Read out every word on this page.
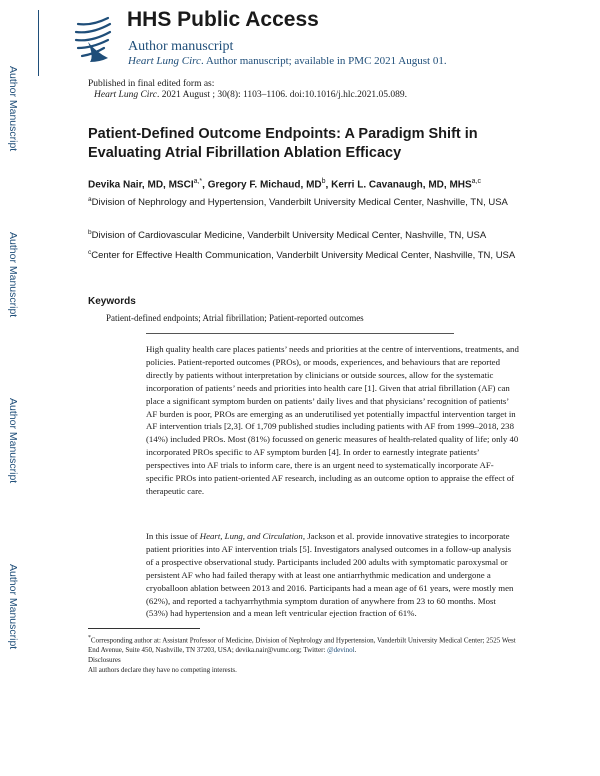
Author Manuscript
Author Manuscript
Author Manuscript
Author Manuscript
HHS Public Access
Author manuscript
Heart Lung Circ. Author manuscript; available in PMC 2021 August 01.
Published in final edited form as:
Heart Lung Circ. 2021 August ; 30(8): 1103–1106. doi:10.1016/j.hlc.2021.05.089.
Patient-Defined Outcome Endpoints: A Paradigm Shift in Evaluating Atrial Fibrillation Ablation Efficacy
Devika Nair, MD, $MSCI^{a,*}$, Gregory F. Michaud, $MD^b$, Kerri L. Cavanaugh, MD, MHS$^{a,c}$
$^a$Division of Nephrology and Hypertension, Vanderbilt University Medical Center, Nashville, TN, USA
$^b$Division of Cardiovascular Medicine, Vanderbilt University Medical Center, Nashville, TN, USA
$^c$Center for Effective Health Communication, Vanderbilt University Medical Center, Nashville, TN, USA
Keywords
Patient-defined endpoints; Atrial fibrillation; Patient-reported outcomes
High quality health care places patients’ needs and priorities at the centre of interventions, treatments, and policies. Patient-reported outcomes (PROs), or moods, experiences, and behaviours that are reported directly by patients without interpretation by clinicians or outside sources, allow for the systematic incorporation of patients’ needs and priorities into health care [1]. Given that atrial fibrillation (AF) can place a significant symptom burden on patients’ daily lives and that physicians’ recognition of patients’ AF burden is poor, PROs are emerging as an underutilised yet potentially impactful intervention target in AF intervention trials [2,3]. Of 1,709 published studies including patients with AF from 1999–2018, 238 (14%) included PROs. Most (81%) focussed on generic measures of health-related quality of life; only 40 incorporated PROs specific to AF symptom burden [4]. In order to earnestly integrate patients’ perspectives into AF trials to inform care, there is an urgent need to systematically incorporate AF-specific PROs into patient-oriented AF research, including as an outcome option to appraise the effect of therapeutic care.
In this issue of Heart, Lung, and Circulation, Jackson et al. provide innovative strategies to incorporate patient priorities into AF intervention trials [5]. Investigators analysed outcomes in a follow-up analysis of a prospective observational study. Participants included 200 adults with symptomatic paroxysmal or persistent AF who had failed therapy with at least one antiarrhythmic medication and undergone a cryoballoon ablation between 2013 and 2016. Participants had a mean age of 61 years, were mostly men (62%), and reported a tachyarrhythmia symptom duration of anywhere from 23 to 60 months. Most (53%) had hypertension and a mean left ventricular ejection fraction of 61%.
*Corresponding author at: Assistant Professor of Medicine, Division of Nephrology and Hypertension, Vanderbilt University Medical Center; 2525 West End Avenue, Suite 450, Nashville, TN 37203, USA; devika.nair@vumc.org; Twitter: @devinol.
Disclosures
All authors declare they have no competing interests.
